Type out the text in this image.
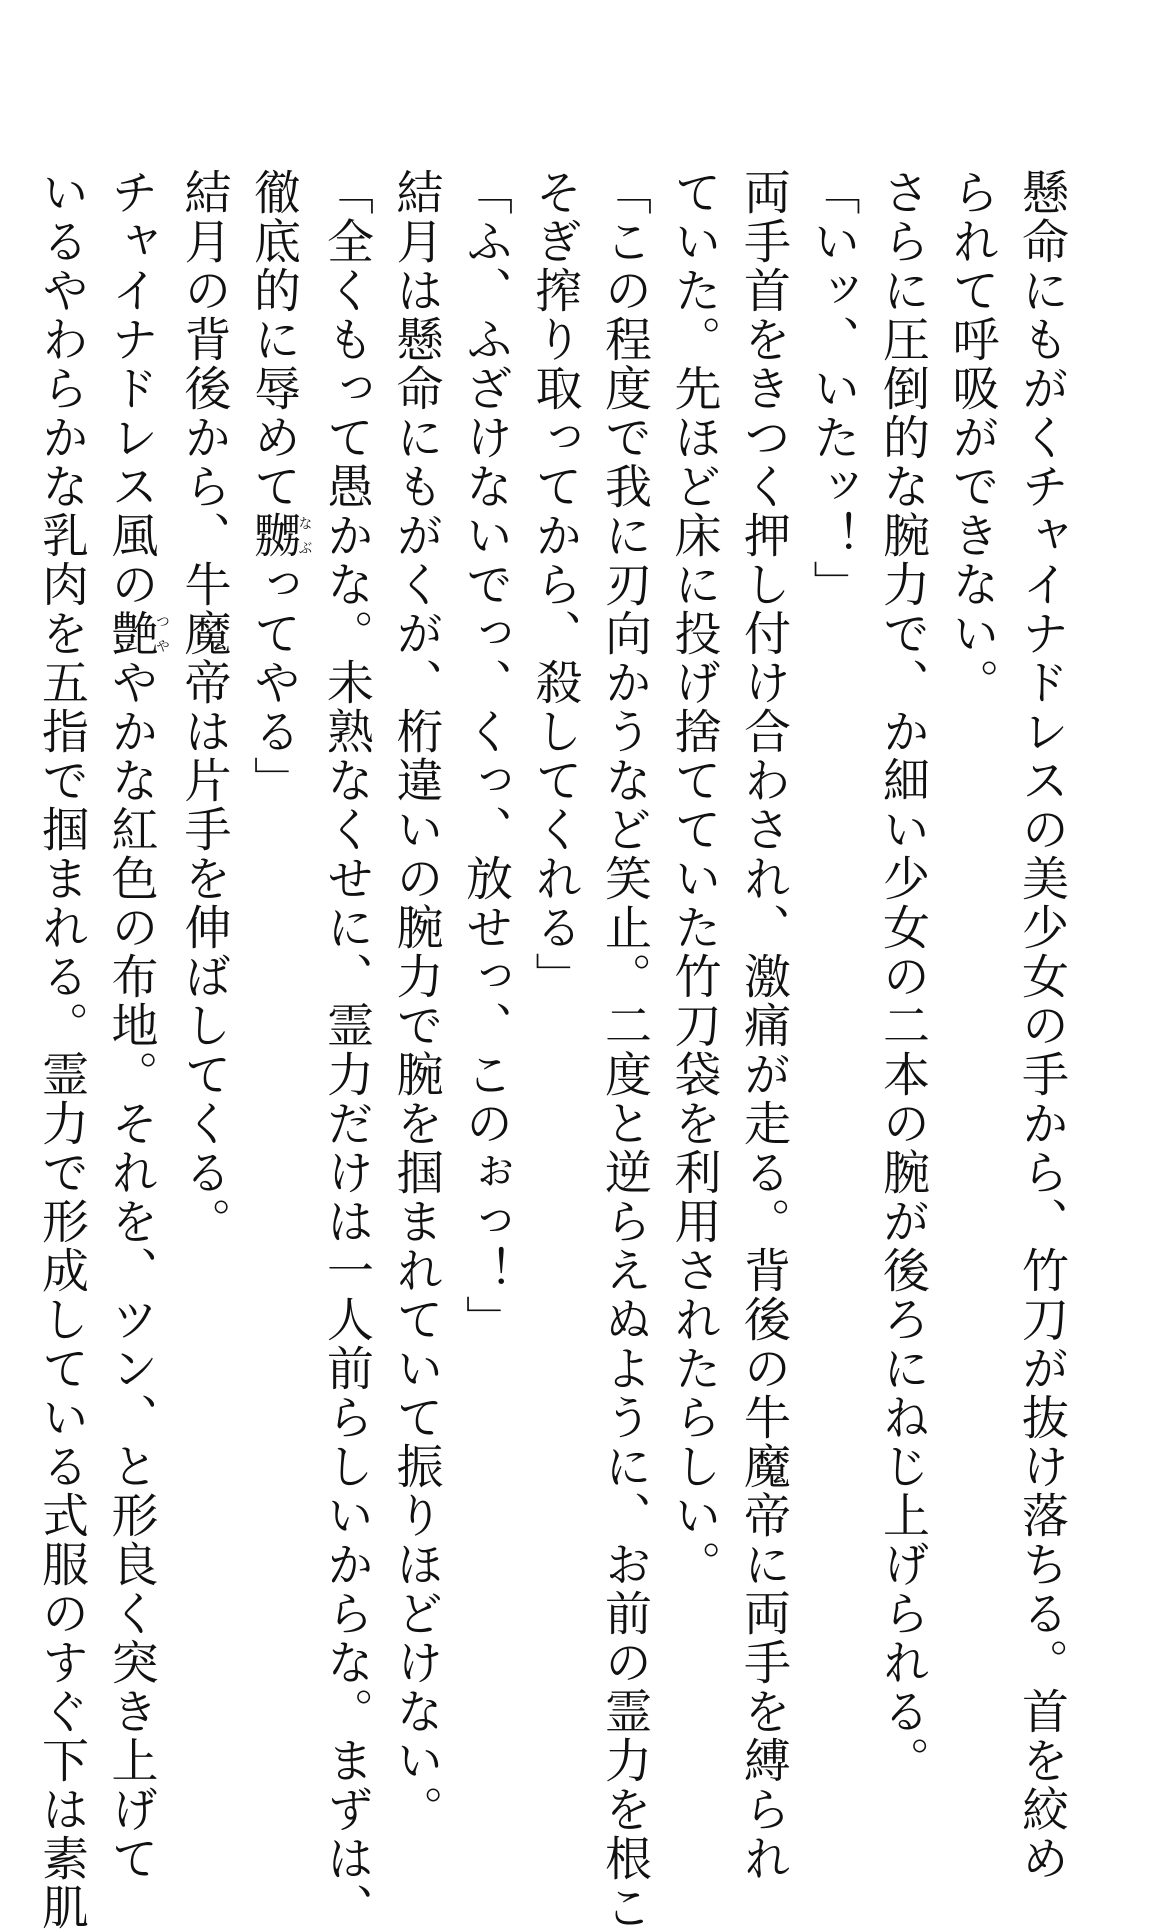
懸命にもがくチャイナドレスの美少女の手から、竹刀が抜け落ちる。首を絞め
られて呼吸ができない。
さらに圧倒的な腕力で、か細い少女の二本の腕が後ろにねじ上げられる。
「いッ、いたッ！」
両手首をきつく押し付け合わされ、激痛が走る。背後の牛魔帝に両手を縛られ
ていた。先ほど床に投げ捨てていた竹刀袋を利用されたらしい。
「この程度で我に刃向かうなど笑止。二度と逆らえぬように、お前の霊力を根こ
そぎ搾り取ってから、殺してくれる」
「ふ、ふざけないでっ、くっ、放せっ、このぉっ！」
結月は懸命にもがくが、桁違いの腕力で腕を掴まれていて振りほどけない。
「全くもって愚かな。未熟なくせに、霊力だけは一人前らしいからな。まずは、
徹底的に辱めて嬲なぶってやる」
結月の背後から、牛魔帝は片手を伸ばしてくる。
チャイナドレス風の艶つややかな紅色の布地。それを、ツン、と形良く突き上げて
いるやわらかな乳肉を五指で掴まれる。霊力で形成している式服のすぐ下は素肌
